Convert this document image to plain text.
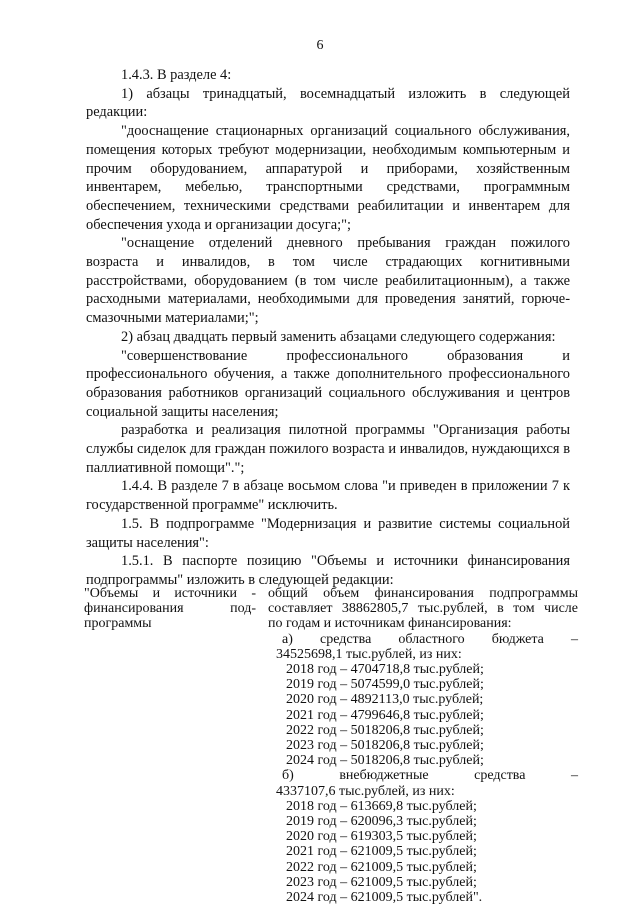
6

1.4.3. В разделе 4:

1) абзацы тринадцатый, восемнадцатый изложить в следующей редакции:

"дооснащение стационарных организаций социального обслуживания, помещения которых требуют модернизации, необходимым компьютерным и прочим оборудованием, аппаратурой и приборами, хозяйственным инвентарем, мебелью, транспортными средствами, программным обеспечением, техническими средствами реабилитации и инвентарем для обеспечения ухода и организации досуга;";

"оснащение отделений дневного пребывания граждан пожилого возраста и инвалидов, в том числе страдающих когнитивными расстройствами, оборудованием (в том числе реабилитационным), а также расходными материалами, необходимыми для проведения занятий, горюче-смазочными материалами;";

2) абзац двадцать первый заменить абзацами следующего содержания:

"совершенствование профессионального образования и профессионального обучения, а также дополнительного профессионального образования работников организаций социального обслуживания и центров социальной защиты населения;

разработка и реализация пилотной программы "Организация работы службы сиделок для граждан пожилого возраста и инвалидов, нуждающихся в паллиативной помощи".";

1.4.4. В разделе 7 в абзаце восьмом слова "и приведен в приложении 7 к государственной программе" исключить.

1.5. В подпрограмме "Модернизация и развитие системы социальной защиты населения":

1.5.1. В паспорте позицию "Объемы и источники финансирования подпрограммы" изложить в следующей редакции:

"Объемы и источники -
финансирования под-
программы
общий объем финансирования подпрограммы
составляет 38862805,7 тыс.рублей, в том числе
по годам и источникам финансирования:
а) средства областного бюджета –
34525698,1 тыс.рублей, из них:
2018 год – 4704718,8 тыс.рублей;
2019 год – 5074599,0 тыс.рублей;
2020 год – 4892113,0 тыс.рублей;
2021 год – 4799646,8 тыс.рублей;
2022 год – 5018206,8 тыс.рублей;
2023 год – 5018206,8 тыс.рублей;
2024 год – 5018206,8 тыс.рублей;
б) внебюджетные средства –
4337107,6 тыс.рублей, из них:
2018 год – 613669,8 тыс.рублей;
2019 год – 620096,3 тыс.рублей;
2020 год – 619303,5 тыс.рублей;
2021 год – 621009,5 тыс.рублей;
2022 год – 621009,5 тыс.рублей;
2023 год – 621009,5 тыс.рублей;
2024 год – 621009,5 тыс.рублей".
